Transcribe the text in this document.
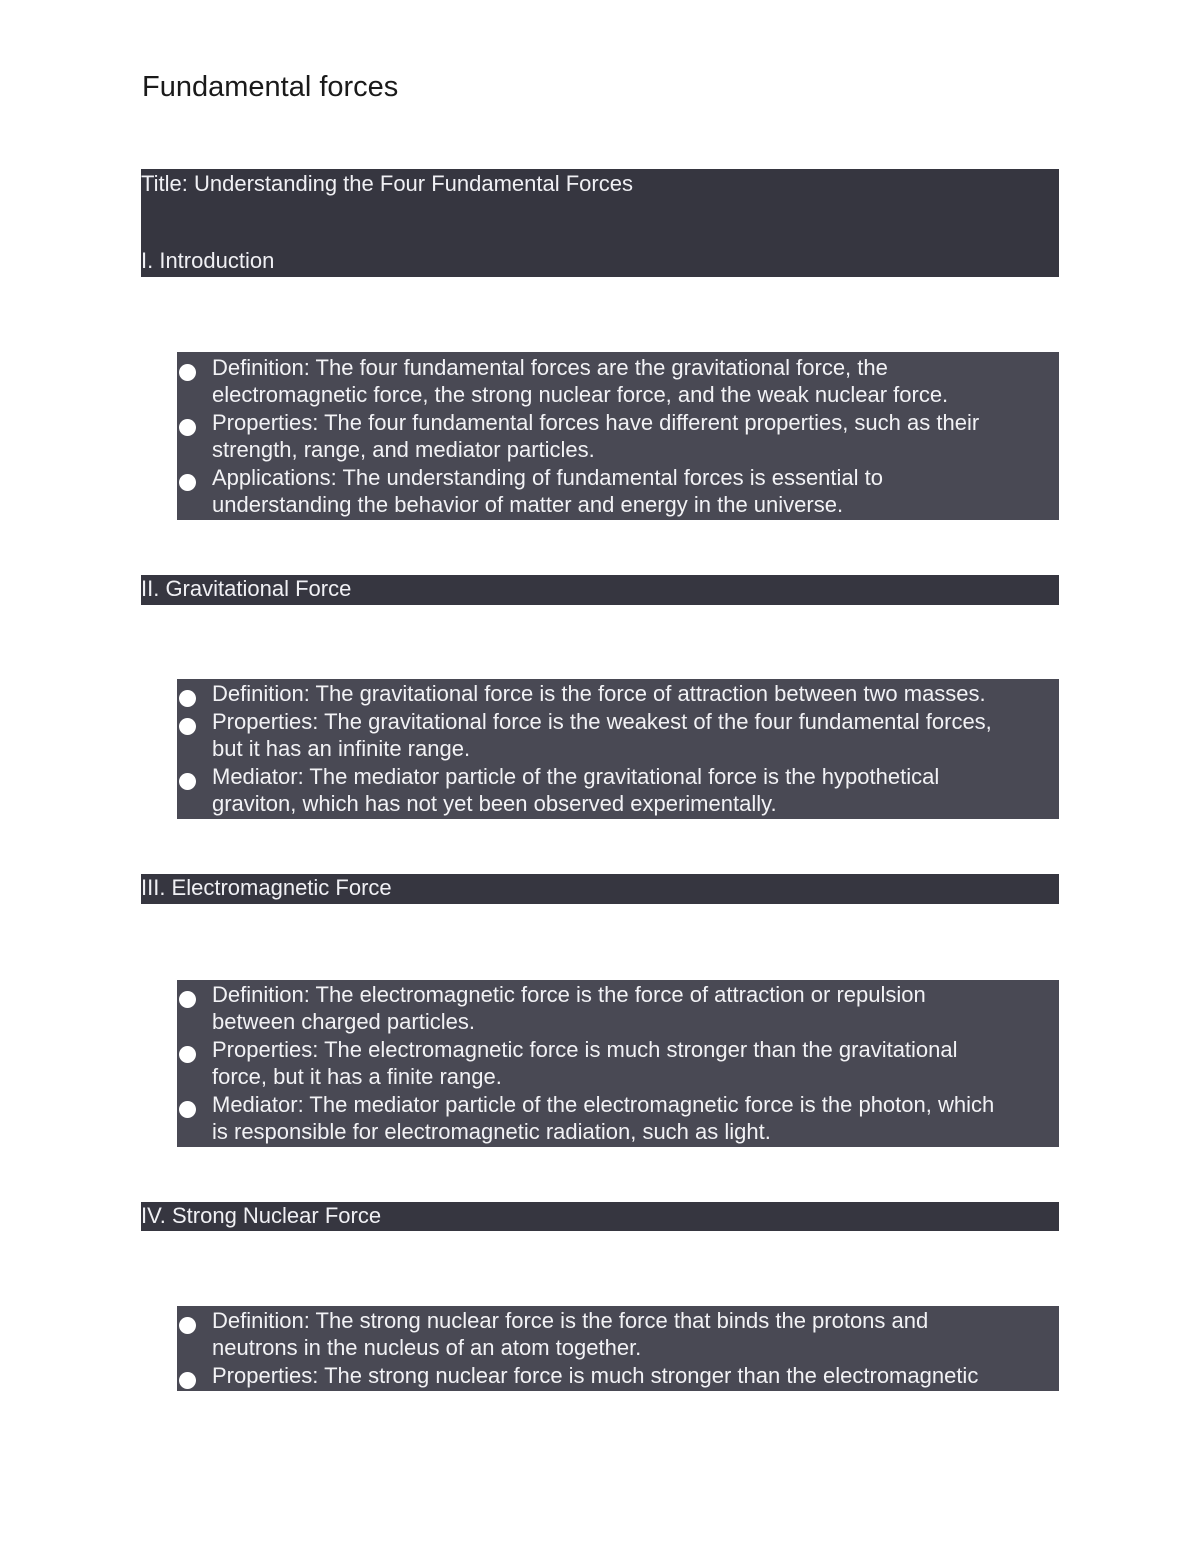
Fundamental forces
Title: Understanding the Four Fundamental Forces
I. Introduction
Definition: The four fundamental forces are the gravitational force, the
electromagnetic force, the strong nuclear force, and the weak nuclear force.
Properties: The four fundamental forces have different properties, such as their
strength, range, and mediator particles.
Applications: The understanding of fundamental forces is essential to
understanding the behavior of matter and energy in the universe.
II. Gravitational Force
Definition: The gravitational force is the force of attraction between two masses.
Properties: The gravitational force is the weakest of the four fundamental forces,
but it has an infinite range.
Mediator: The mediator particle of the gravitational force is the hypothetical
graviton, which has not yet been observed experimentally.
III. Electromagnetic Force
Definition: The electromagnetic force is the force of attraction or repulsion
between charged particles.
Properties: The electromagnetic force is much stronger than the gravitational
force, but it has a finite range.
Mediator: The mediator particle of the electromagnetic force is the photon, which
is responsible for electromagnetic radiation, such as light.
IV. Strong Nuclear Force
Definition: The strong nuclear force is the force that binds the protons and
neutrons in the nucleus of an atom together.
Properties: The strong nuclear force is much stronger than the electromagnetic
